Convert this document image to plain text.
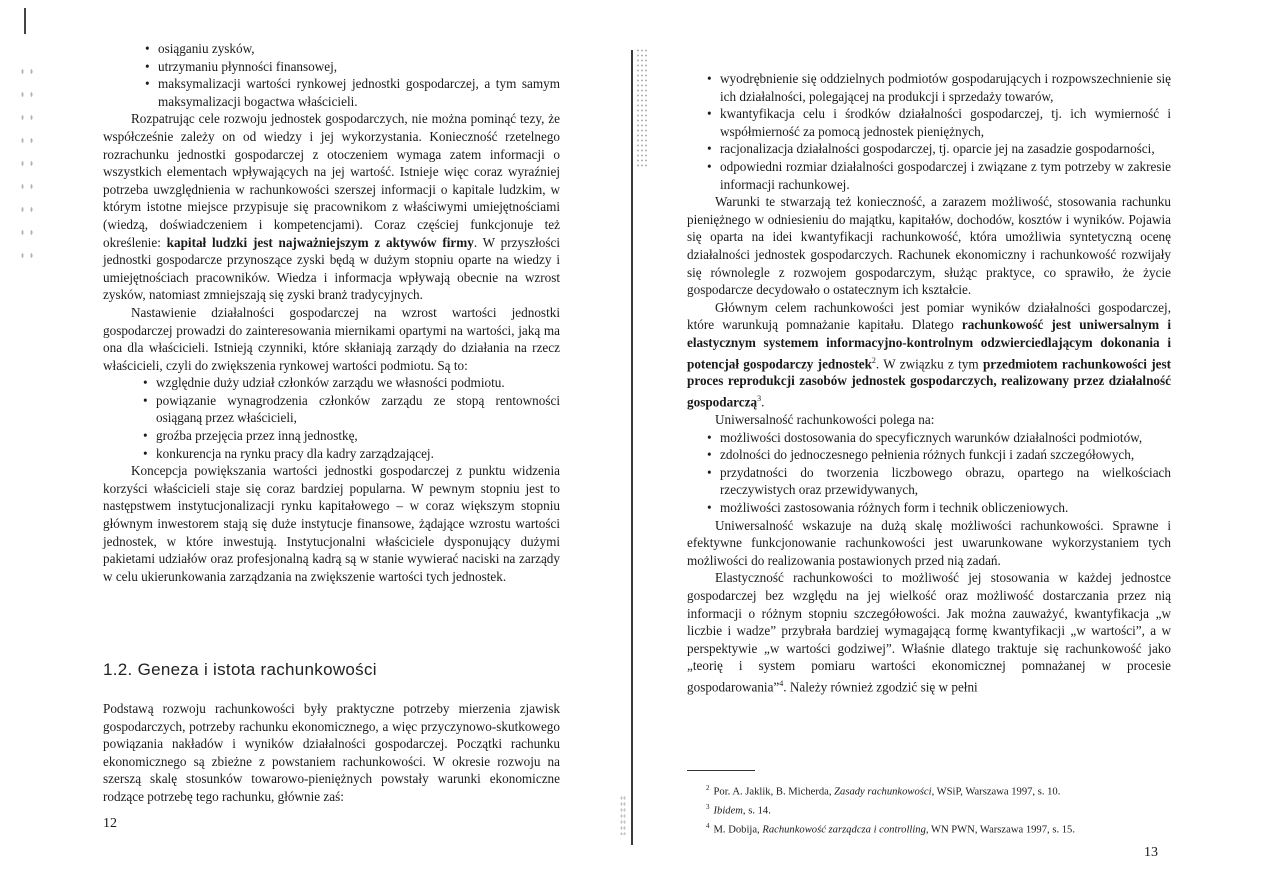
• osiąganiu zysków,
• utrzymaniu płynności finansowej,
• maksymalizacji wartości rynkowej jednostki gospodarczej, a tym samym maksymalizacji bogactwa właścicieli.

Rozpatrując cele rozwoju jednostek gospodarczych, nie można pominąć tezy, że współcześnie zależy on od wiedzy i jej wykorzystania. Konieczność rzetelnego rozrachunku jednostki gospodarczej z otoczeniem wymaga zatem informacji o wszystkich elementach wpływających na jej wartość. Istnieje więc coraz wyraźniej potrzeba uwzględnienia w rachunkowości szerszej informacji o kapitale ludzkim, w którym istotne miejsce przypisuje się pracownikom z właściwymi umiejętnościami (wiedzą, doświadczeniem i kompetencjami). Coraz częściej funkcjonuje też określenie: kapitał ludzki jest najważniejszym z aktywów firmy. W przyszłości jednostki gospodarcze przynoszące zyski będą w dużym stopniu oparte na wiedzy i umiejętnościach pracowników. Wiedza i informacja wpływają obecnie na wzrost zysków, natomiast zmniejszają się zyski branż tradycyjnych.

Nastawienie działalności gospodarczej na wzrost wartości jednostki gospodarczej prowadzi do zainteresowania miernikami opartymi na wartości, jaką ma ona dla właścicieli. Istnieją czynniki, które skłaniają zarządy do działania na rzecz właścicieli, czyli do zwiększenia rynkowej wartości podmiotu. Są to:

• względnie duży udział członków zarządu we własności podmiotu.
• powiązanie wynagrodzenia członków zarządu ze stopą rentowności osiąganą przez właścicieli,
• groźba przejęcia przez inną jednostkę,
• konkurencja na rynku pracy dla kadry zarządzającej.

Koncepcja powiększania wartości jednostki gospodarczej z punktu widzenia korzyści właścicieli staje się coraz bardziej popularna. W pewnym stopniu jest to następstwem instytucjonalizacji rynku kapitałowego – w coraz większym stopniu głównym inwestorem stają się duże instytucje finansowe, żądające wzrostu wartości jednostek, w które inwestują. Instytucjonalni właściciele dysponujący dużymi pakietami udziałów oraz profesjonalną kadrą są w stanie wywierać naciski na zarządy w celu ukierunkowania zarządzania na zwiększenie wartości tych jednostek.

1.2. Geneza i istota rachunkowości

Podstawą rozwoju rachunkowości były praktyczne potrzeby mierzenia zjawisk gospodarczych, potrzeby rachunku ekonomicznego, a więc przyczynowo-skutkowego powiązania nakładów i wyników działalności gospodarczej. Początki rachunku ekonomicznego są zbieżne z powstaniem rachunkowości. W okresie rozwoju na szerszą skalę stosunków towarowo-pieniężnych powstały warunki ekonomiczne rodzące potrzebę tego rachunku, głównie zaś:

12
• wyodrębnienie się oddzielnych podmiotów gospodarujących i rozpowszechnienie się ich działalności, polegającej na produkcji i sprzedaży towarów,
• kwantyfikacja celu i środków działalności gospodarczej, tj. ich wymierność i współmierność za pomocą jednostek pieniężnych,
• racjonalizacja działalności gospodarczej, tj. oparcie jej na zasadzie gospodarności,
• odpowiedni rozmiar działalności gospodarczej i związane z tym potrzeby w zakresie informacji rachunkowej.

Warunki te stwarzają też konieczność, a zarazem możliwość, stosowania rachunku pieniężnego w odniesieniu do majątku, kapitałów, dochodów, kosztów i wyników. Pojawia się oparta na idei kwantyfikacji rachunkowość, która umożliwia syntetyczną ocenę działalności jednostek gospodarczych. Rachunek ekonomiczny i rachunkowość rozwijały się równolegle z rozwojem gospodarczym, służąc praktyce, co sprawiło, że życie gospodarcze decydowało o ostatecznym ich kształcie.

Głównym celem rachunkowości jest pomiar wyników działalności gospodarczej, które warunkują pomnażanie kapitału. Dlatego rachunkowość jest uniwersalnym i elastycznym systemem informacyjno-kontrolnym odzwierciedlającym dokonania i potencjał gospodarczy jednostek$^2$. W związku z tym przedmiotem rachunkowości jest proces reprodukcji zasobów jednostek gospodarczych, realizowany przez działalność gospodarczą$^3$.

Uniwersalność rachunkowości polega na:

• możliwości dostosowania do specyficznych warunków działalności podmiotów,
• zdolności do jednoczesnego pełnienia różnych funkcji i zadań szczegółowych,
• przydatności do tworzenia liczbowego obrazu, opartego na wielkościach rzeczywistych oraz przewidywanych,
• możliwości zastosowania różnych form i technik obliczeniowych.

Uniwersalność wskazuje na dużą skalę możliwości rachunkowości. Sprawne i efektywne funkcjonowanie rachunkowości jest uwarunkowane wykorzystaniem tych możliwości do realizowania postawionych przed nią zadań.

Elastyczność rachunkowości to możliwość jej stosowania w każdej jednostce gospodarczej bez względu na jej wielkość oraz możliwość dostarczania przez nią informacji o różnym stopniu szczegółowości. Jak można zauważyć, kwantyfikacja „w liczbie i wadze” przybrała bardziej wymagającą formę kwantyfikacji „w wartości”, a w perspektywie „w wartości godziwej”. Właśnie dlatego traktuje się rachunkowość jako „teorię i system pomiaru wartości ekonomicznej pomnażanej w procesie gospodarowania”$^4$. Należy również zgodzić się w pełni

$^2$ Por. A. Jaklik, B. Micherda, Zasady rachunkowości, WSiP, Warszawa 1997, s. 10.
$^3$ Ibidem, s. 14.
$^4$ M. Dobija, Rachunkowość zarządcza i controlling, WN PWN, Warszawa 1997, s. 15.
13
